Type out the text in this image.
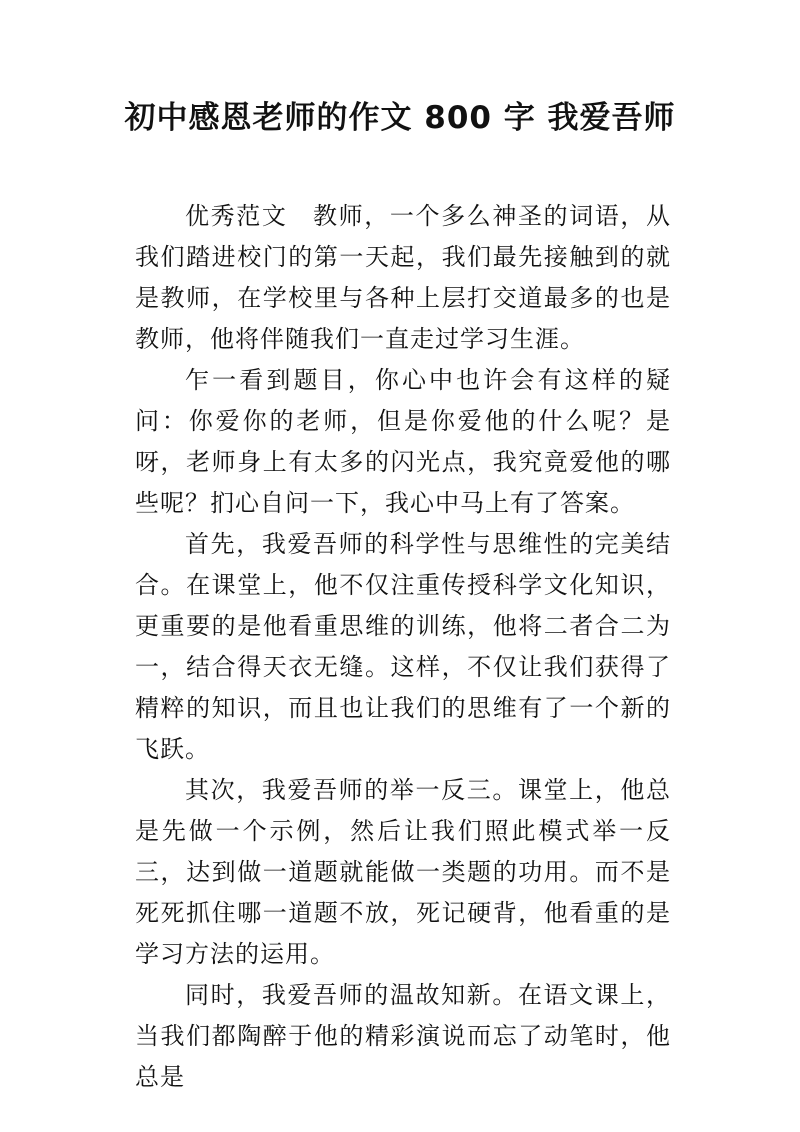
初中感恩老师的作文 800 字 我爱吾师

优秀范文　教师，一个多么神圣的词语，从我们踏进校门的第一天起，我们最先接触到的就是教师，在学校里与各种上层打交道最多的也是教师，他将伴随我们一直走过学习生涯。

乍一看到题目，你心中也许会有这样的疑问：你爱你的老师，但是你爱他的什么呢？是呀，老师身上有太多的闪光点，我究竟爱他的哪些呢？扪心自问一下，我心中马上有了答案。

首先，我爱吾师的科学性与思维性的完美结合。在课堂上，他不仅注重传授科学文化知识，更重要的是他看重思维的训练，他将二者合二为一，结合得天衣无缝。这样，不仅让我们获得了精粹的知识，而且也让我们的思维有了一个新的飞跃。

其次，我爱吾师的举一反三。课堂上，他总是先做一个示例，然后让我们照此模式举一反三，达到做一道题就能做一类题的功用。而不是死死抓住哪一道题不放，死记硬背，他看重的是学习方法的运用。

同时，我爱吾师的温故知新。在语文课上，当我们都陶醉于他的精彩演说而忘了动笔时，他总是
